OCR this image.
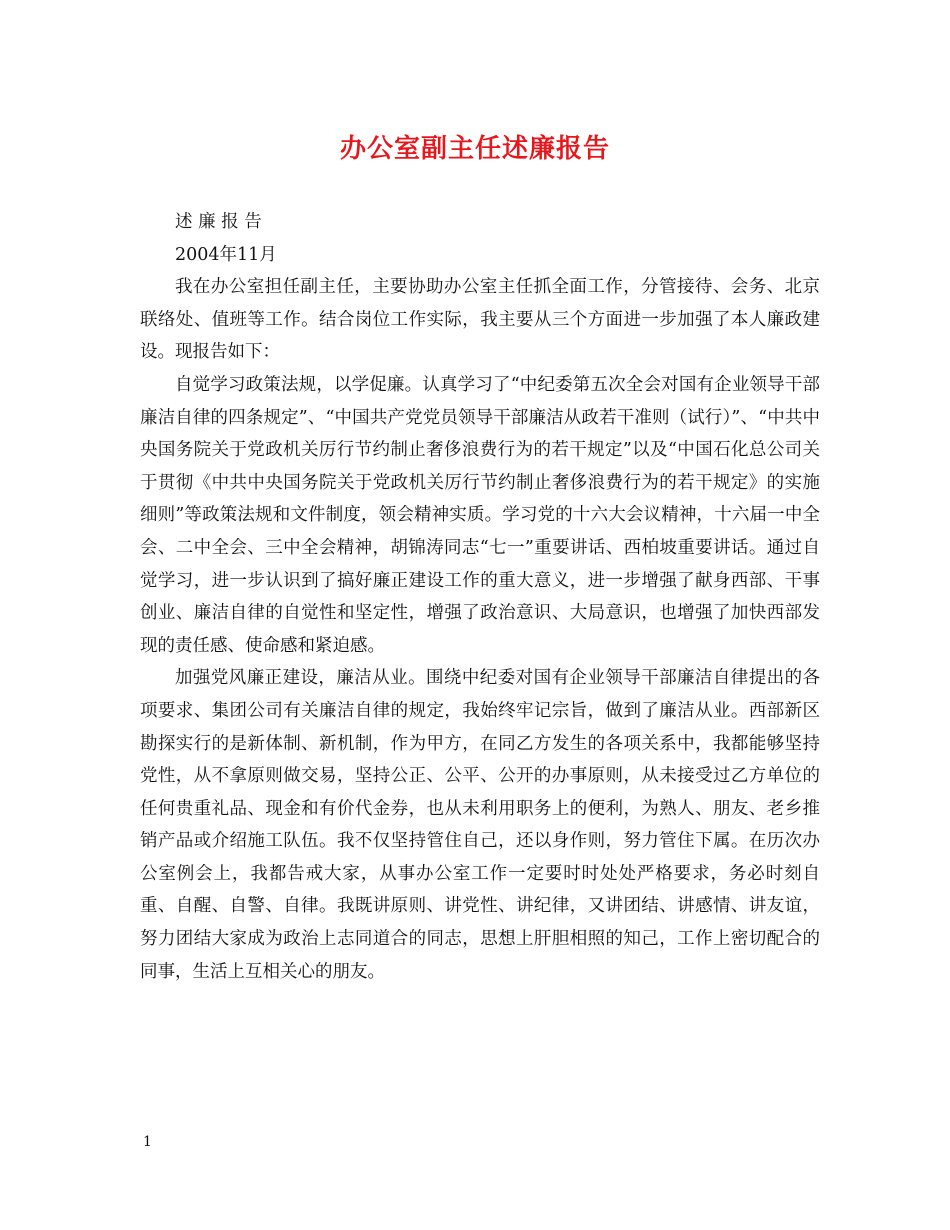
办公室副主任述廉报告

述 廉 报 告

2004年11月

我在办公室担任副主任，主要协助办公室主任抓全面工作，分管接待、会务、北京联络处、值班等工作。结合岗位工作实际，我主要从三个方面进一步加强了本人廉政建设。现报告如下：

自觉学习政策法规，以学促廉。认真学习了“中纪委第五次全会对国有企业领导干部廉洁自律的四条规定”、“中国共产党党员领导干部廉洁从政若干准则（试行）”、“中共中央国务院关于党政机关厉行节约制止奢侈浪费行为的若干规定”以及“中国石化总公司关于贯彻《中共中央国务院关于党政机关厉行节约制止奢侈浪费行为的若干规定》的实施细则”等政策法规和文件制度，领会精神实质。学习党的十六大会议精神，十六届一中全会、二中全会、三中全会精神，胡锦涛同志“七一”重要讲话、西柏坡重要讲话。通过自觉学习，进一步认识到了搞好廉正建设工作的重大意义，进一步增强了献身西部、干事创业、廉洁自律的自觉性和坚定性，增强了政治意识、大局意识，也增强了加快西部发现的责任感、使命感和紧迫感。

加强党风廉正建设，廉洁从业。围绕中纪委对国有企业领导干部廉洁自律提出的各项要求、集团公司有关廉洁自律的规定，我始终牢记宗旨，做到了廉洁从业。西部新区勘探实行的是新体制、新机制，作为甲方，在同乙方发生的各项关系中，我都能够坚持党性，从不拿原则做交易，坚持公正、公平、公开的办事原则，从未接受过乙方单位的任何贵重礼品、现金和有价代金券，也从未利用职务上的便利，为熟人、朋友、老乡推销产品或介绍施工队伍。我不仅坚持管住自己，还以身作则，努力管住下属。在历次办公室例会上，我都告戒大家，从事办公室工作一定要时时处处严格要求，务必时刻自重、自醒、自警、自律。我既讲原则、讲党性、讲纪律，又讲团结、讲感情、讲友谊，努力团结大家成为政治上志同道合的同志，思想上肝胆相照的知己，工作上密切配合的同事，生活上互相关心的朋友。

1
